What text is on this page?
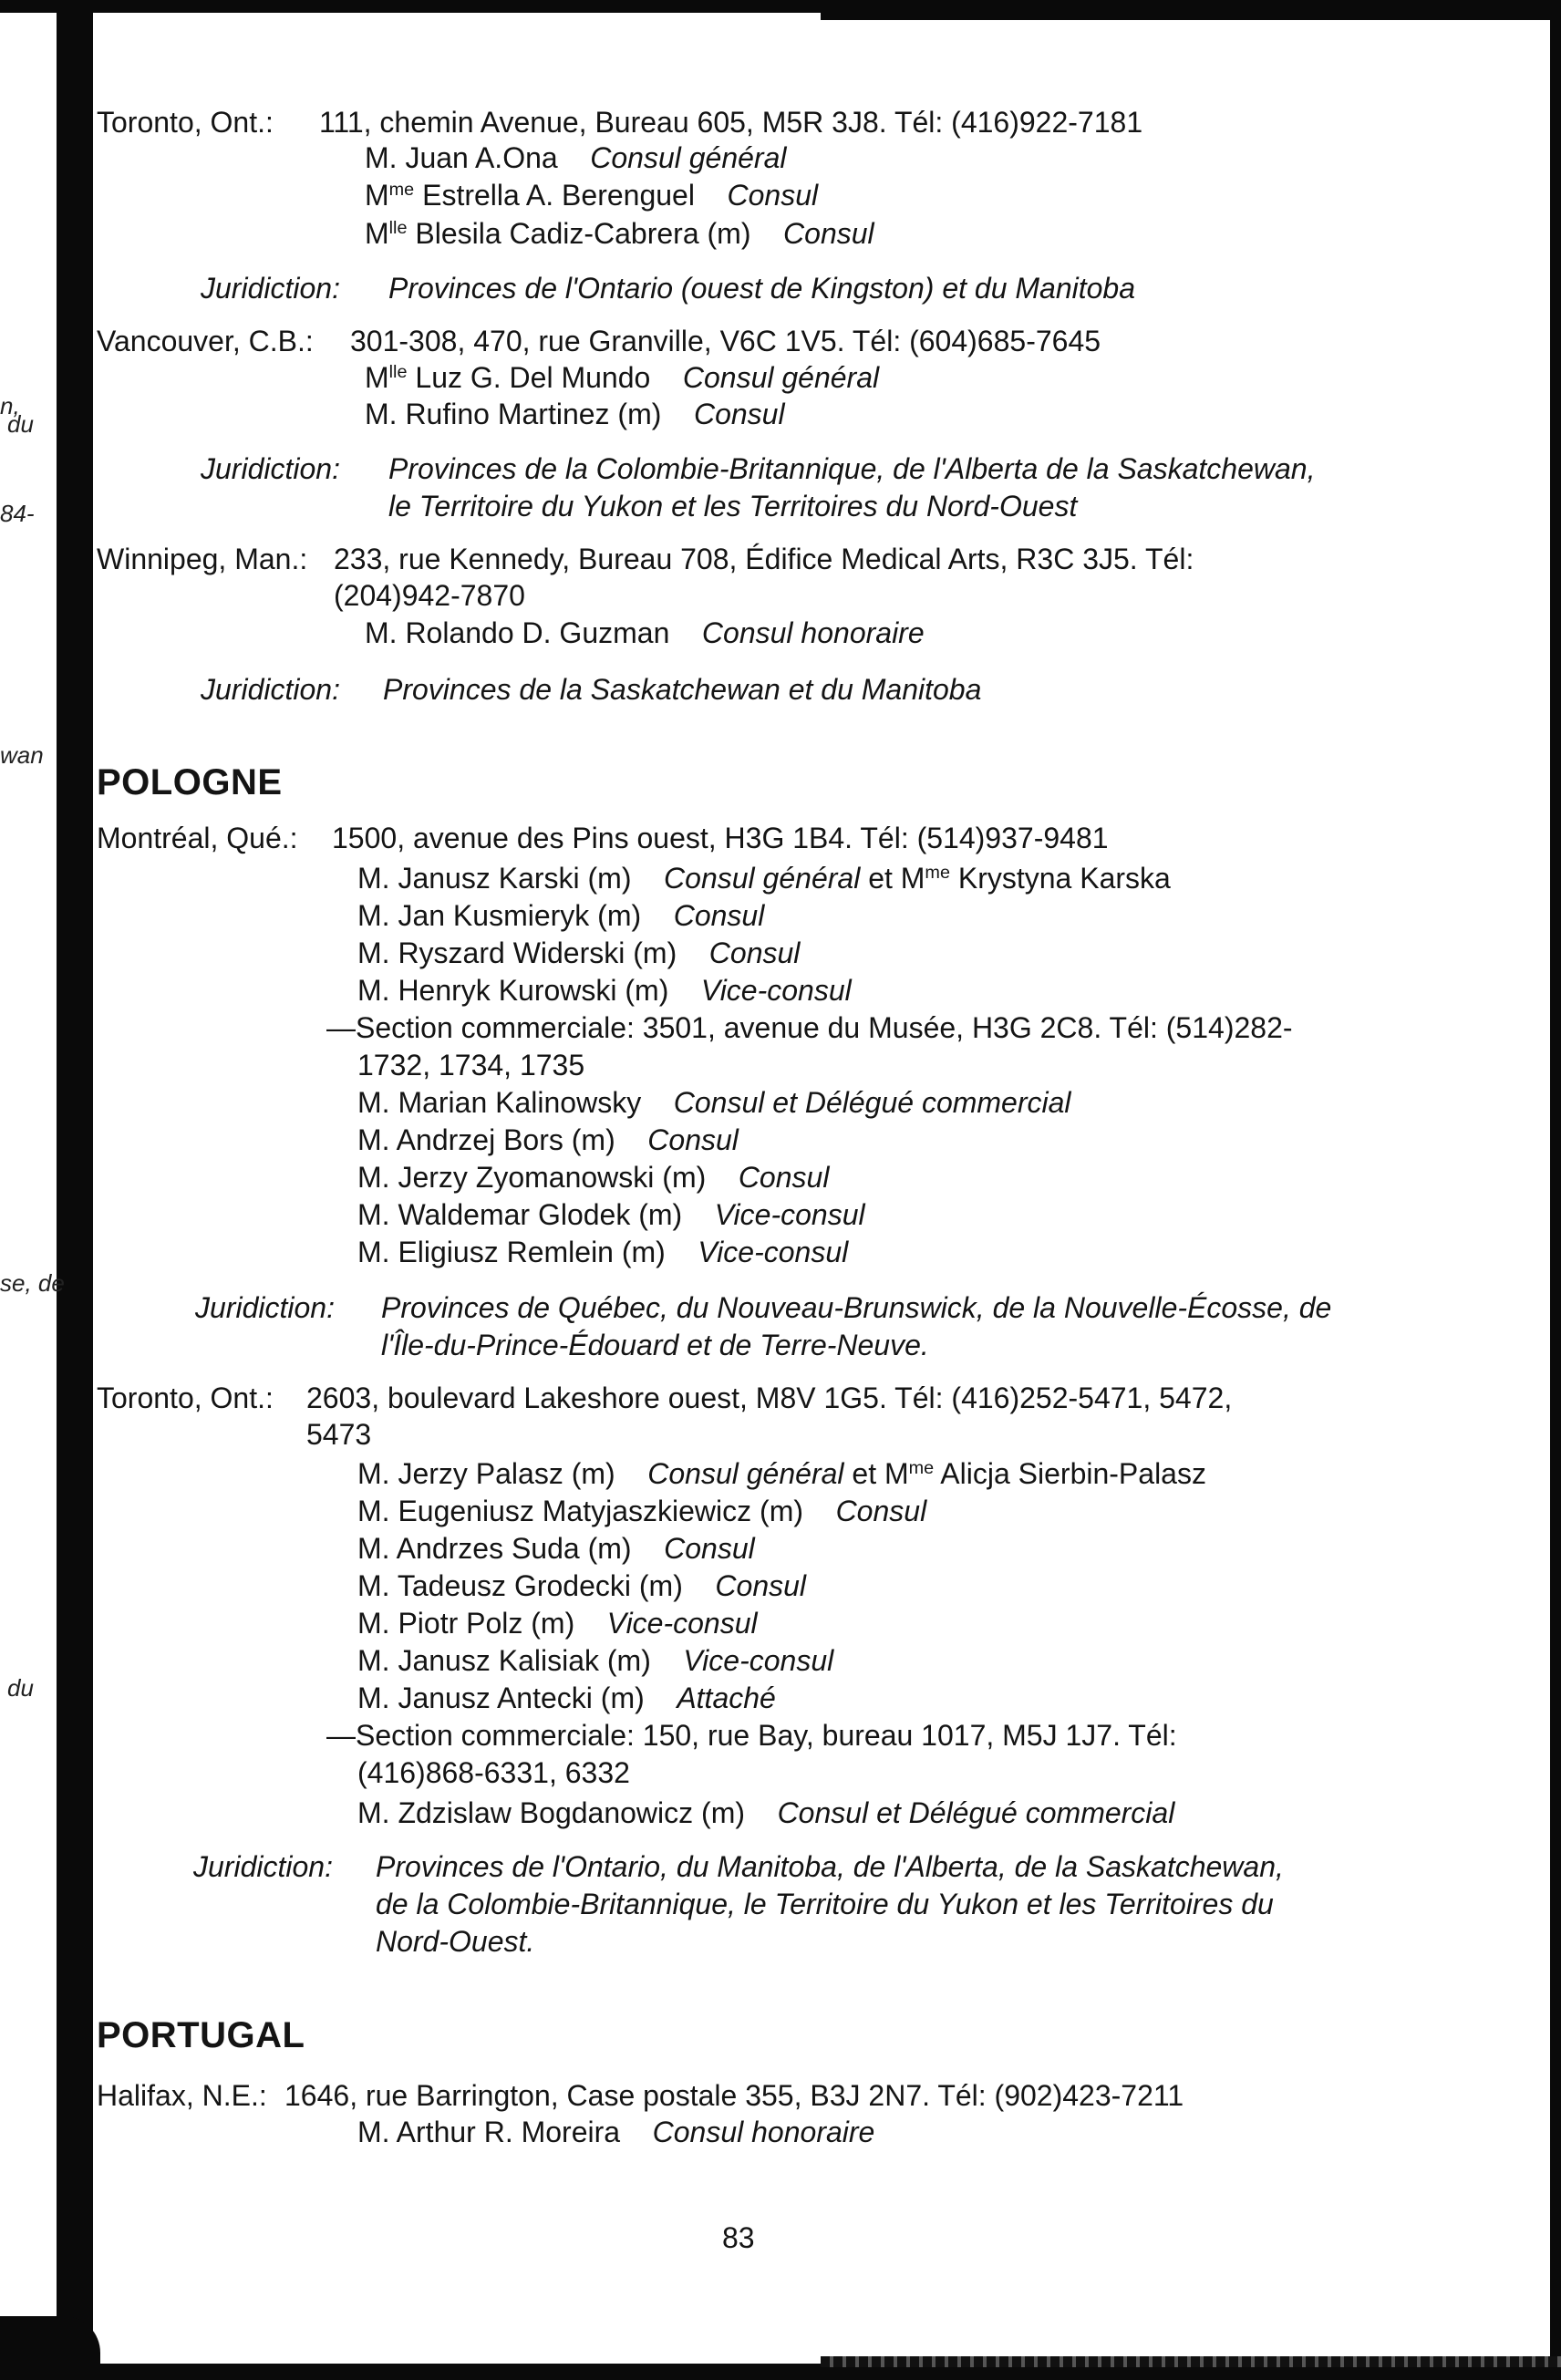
n,
du
84-
wan
se, de
du
Toronto, Ont.: 111, chemin Avenue, Bureau 605, M5R 3J8. Tél: (416)922-7181
M. Juan A.Ona Consul général
$M^{me}$ Estrella A. Berenguel Consul
$M^{lle}$ Blesila Cadiz-Cabrera (m) Consul
Juridiction: Provinces de l'Ontario (ouest de Kingston) et du Manitoba
Vancouver, C.B.: 301-308, 470, rue Granville, V6C 1V5. Tél: (604)685-7645
$M^{lle}$ Luz G. Del Mundo Consul général
M. Rufino Martinez (m) Consul
Juridiction: Provinces de la Colombie-Britannique, de l'Alberta de la Saskatchewan,
le Territoire du Yukon et les Territoires du Nord-Ouest
Winnipeg, Man.: 233, rue Kennedy, Bureau 708, Édifice Medical Arts, R3C 3J5. Tél:
(204)942-7870
M. Rolando D. Guzman Consul honoraire
Juridiction: Provinces de la Saskatchewan et du Manitoba
POLOGNE
Montréal, Qué.: 1500, avenue des Pins ouest, H3G 1B4. Tél: (514)937-9481
M. Janusz Karski (m) Consul général et $M^{me}$ Krystyna Karska
M. Jan Kusmieryk (m) Consul
M. Ryszard Widerski (m) Consul
M. Henryk Kurowski (m) Vice-consul
—Section commerciale: 3501, avenue du Musée, H3G 2C8. Tél: (514)282-
1732, 1734, 1735
M. Marian Kalinowsky Consul et Délégué commercial
M. Andrzej Bors (m) Consul
M. Jerzy Zyomanowski (m) Consul
M. Waldemar Glodek (m) Vice-consul
M. Eligiusz Remlein (m) Vice-consul
Juridiction: Provinces de Québec, du Nouveau-Brunswick, de la Nouvelle-Écosse, de
l'Île-du-Prince-Édouard et de Terre-Neuve.
Toronto, Ont.: 2603, boulevard Lakeshore ouest, M8V 1G5. Tél: (416)252-5471, 5472,
5473
M. Jerzy Palasz (m) Consul général et $M^{me}$ Alicja Sierbin-Palasz
M. Eugeniusz Matyjaszkiewicz (m) Consul
M. Andrzes Suda (m) Consul
M. Tadeusz Grodecki (m) Consul
M. Piotr Polz (m) Vice-consul
M. Janusz Kalisiak (m) Vice-consul
M. Janusz Antecki (m) Attaché
—Section commerciale: 150, rue Bay, bureau 1017, M5J 1J7. Tél:
(416)868-6331, 6332
M. Zdzislaw Bogdanowicz (m) Consul et Délégué commercial
Juridiction: Provinces de l'Ontario, du Manitoba, de l'Alberta, de la Saskatchewan,
de la Colombie-Britannique, le Territoire du Yukon et les Territoires du
Nord-Ouest.
PORTUGAL
Halifax, N.E.: 1646, rue Barrington, Case postale 355, B3J 2N7. Tél: (902)423-7211
M. Arthur R. Moreira Consul honoraire
83
